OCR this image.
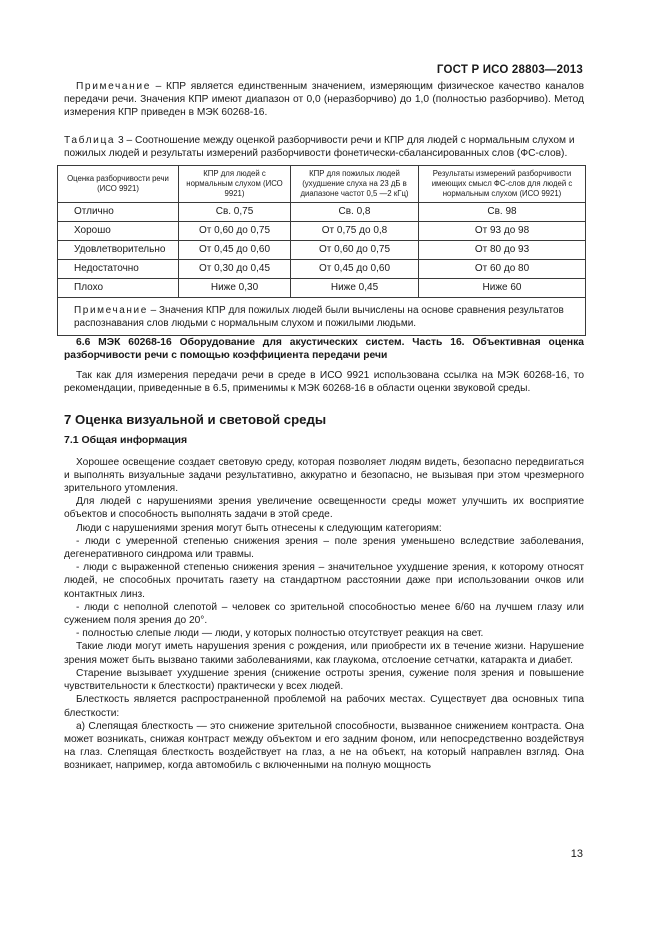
ГОСТ Р ИСО 28803—2013

Примечание – КПР является единственным значением, измеряющим физическое качество каналов передачи речи. Значения КПР имеют диапазон от 0,0 (неразборчиво) до 1,0 (полностью разборчиво). Метод измерения КПР приведен в МЭК 60268-16.

Таблица 3 – Соотношение между оценкой разборчивости речи и КПР для людей с нормальным слухом и пожилых людей и результаты измерений разборчивости фонетически-сбалансированных слов (ФС-слов).
Оценка разборчивости речи (ИСО 9921)	КПР для людей с нормальным слухом (ИСО 9921)	КПР для пожилых людей (ухудшение слуха на 23 дБ в диапазоне частот 0,5 —2 кГц)	Результаты измерений разборчивости имеющих смысл ФС-слов для людей с нормальным слухом (ИСО 9921)
Отлично	Св. 0,75	Св. 0,8	Св. 98
Хорошо	От 0,60 до 0,75	От 0,75 до 0,8	От 93 до 98
Удовлетворительно	От 0,45 до 0,60	От 0,60 до 0,75	От 80 до 93
Недостаточно	От 0,30 до 0,45	От 0,45 до 0,60	От 60 до 80
Плохо	Ниже 0,30	Ниже 0,45	Ниже 60
Примечание – Значения КПР для пожилых людей были вычислены на основе сравнения результатов распознавания слов людьми с нормальным слухом и пожилыми людьми.			

6.6 МЭК 60268-16 Оборудование для акустических систем. Часть 16. Объективная оценка разборчивости речи с помощью коэффициента передачи речи

Так как для измерения передачи речи в среде в ИСО 9921 использована ссылка на МЭК 60268-16, то рекомендации, приведенные в 6.5, применимы к МЭК 60268-16 в области оценки звуковой среды.

7 Оценка визуальной и световой среды
7.1 Общая информация

Хорошее освещение создает световую среду, которая позволяет людям видеть, безопасно передвигаться и выполнять визуальные задачи результативно, аккуратно и безопасно, не вызывая при этом чрезмерного зрительного утомления.

Для людей с нарушениями зрения увеличение освещенности среды может улучшить их восприятие объектов и способность выполнять задачи в этой среде.

Люди с нарушениями зрения могут быть отнесены к следующим категориям:

- люди с умеренной степенью снижения зрения – поле зрения уменьшено вследствие заболевания, дегенеративного синдрома или травмы.

- люди с выраженной степенью снижения зрения – значительное ухудшение зрения, к которому относят людей, не способных прочитать газету на стандартном расстоянии даже при использовании очков или контактных линз.

- люди с неполной слепотой – человек со зрительной способностью менее 6/60 на лучшем глазу или сужением поля зрения до 20°.

- полностью слепые люди — люди, у которых полностью отсутствует реакция на свет.

Такие люди могут иметь нарушения зрения с рождения, или приобрести их в течение жизни. Нарушение зрения может быть вызвано такими заболеваниями, как глаукома, отслоение сетчатки, катаракта и диабет.

Старение вызывает ухудшение зрения (снижение остроты зрения, сужение поля зрения и повышение чувствительности к блесткости) практически у всех людей.

Блесткость является распространенной проблемой на рабочих местах. Существует два основных типа блесткости:

а) Слепящая блесткость — это снижение зрительной способности, вызванное снижением контраста. Она может возникать, снижая контраст между объектом и его задним фоном, или непосредственно воздействуя на глаз. Слепящая блесткость воздействует на глаз, а не на объект, на который направлен взгляд. Она возникает, например, когда автомобиль с включенными на полную мощность

13
